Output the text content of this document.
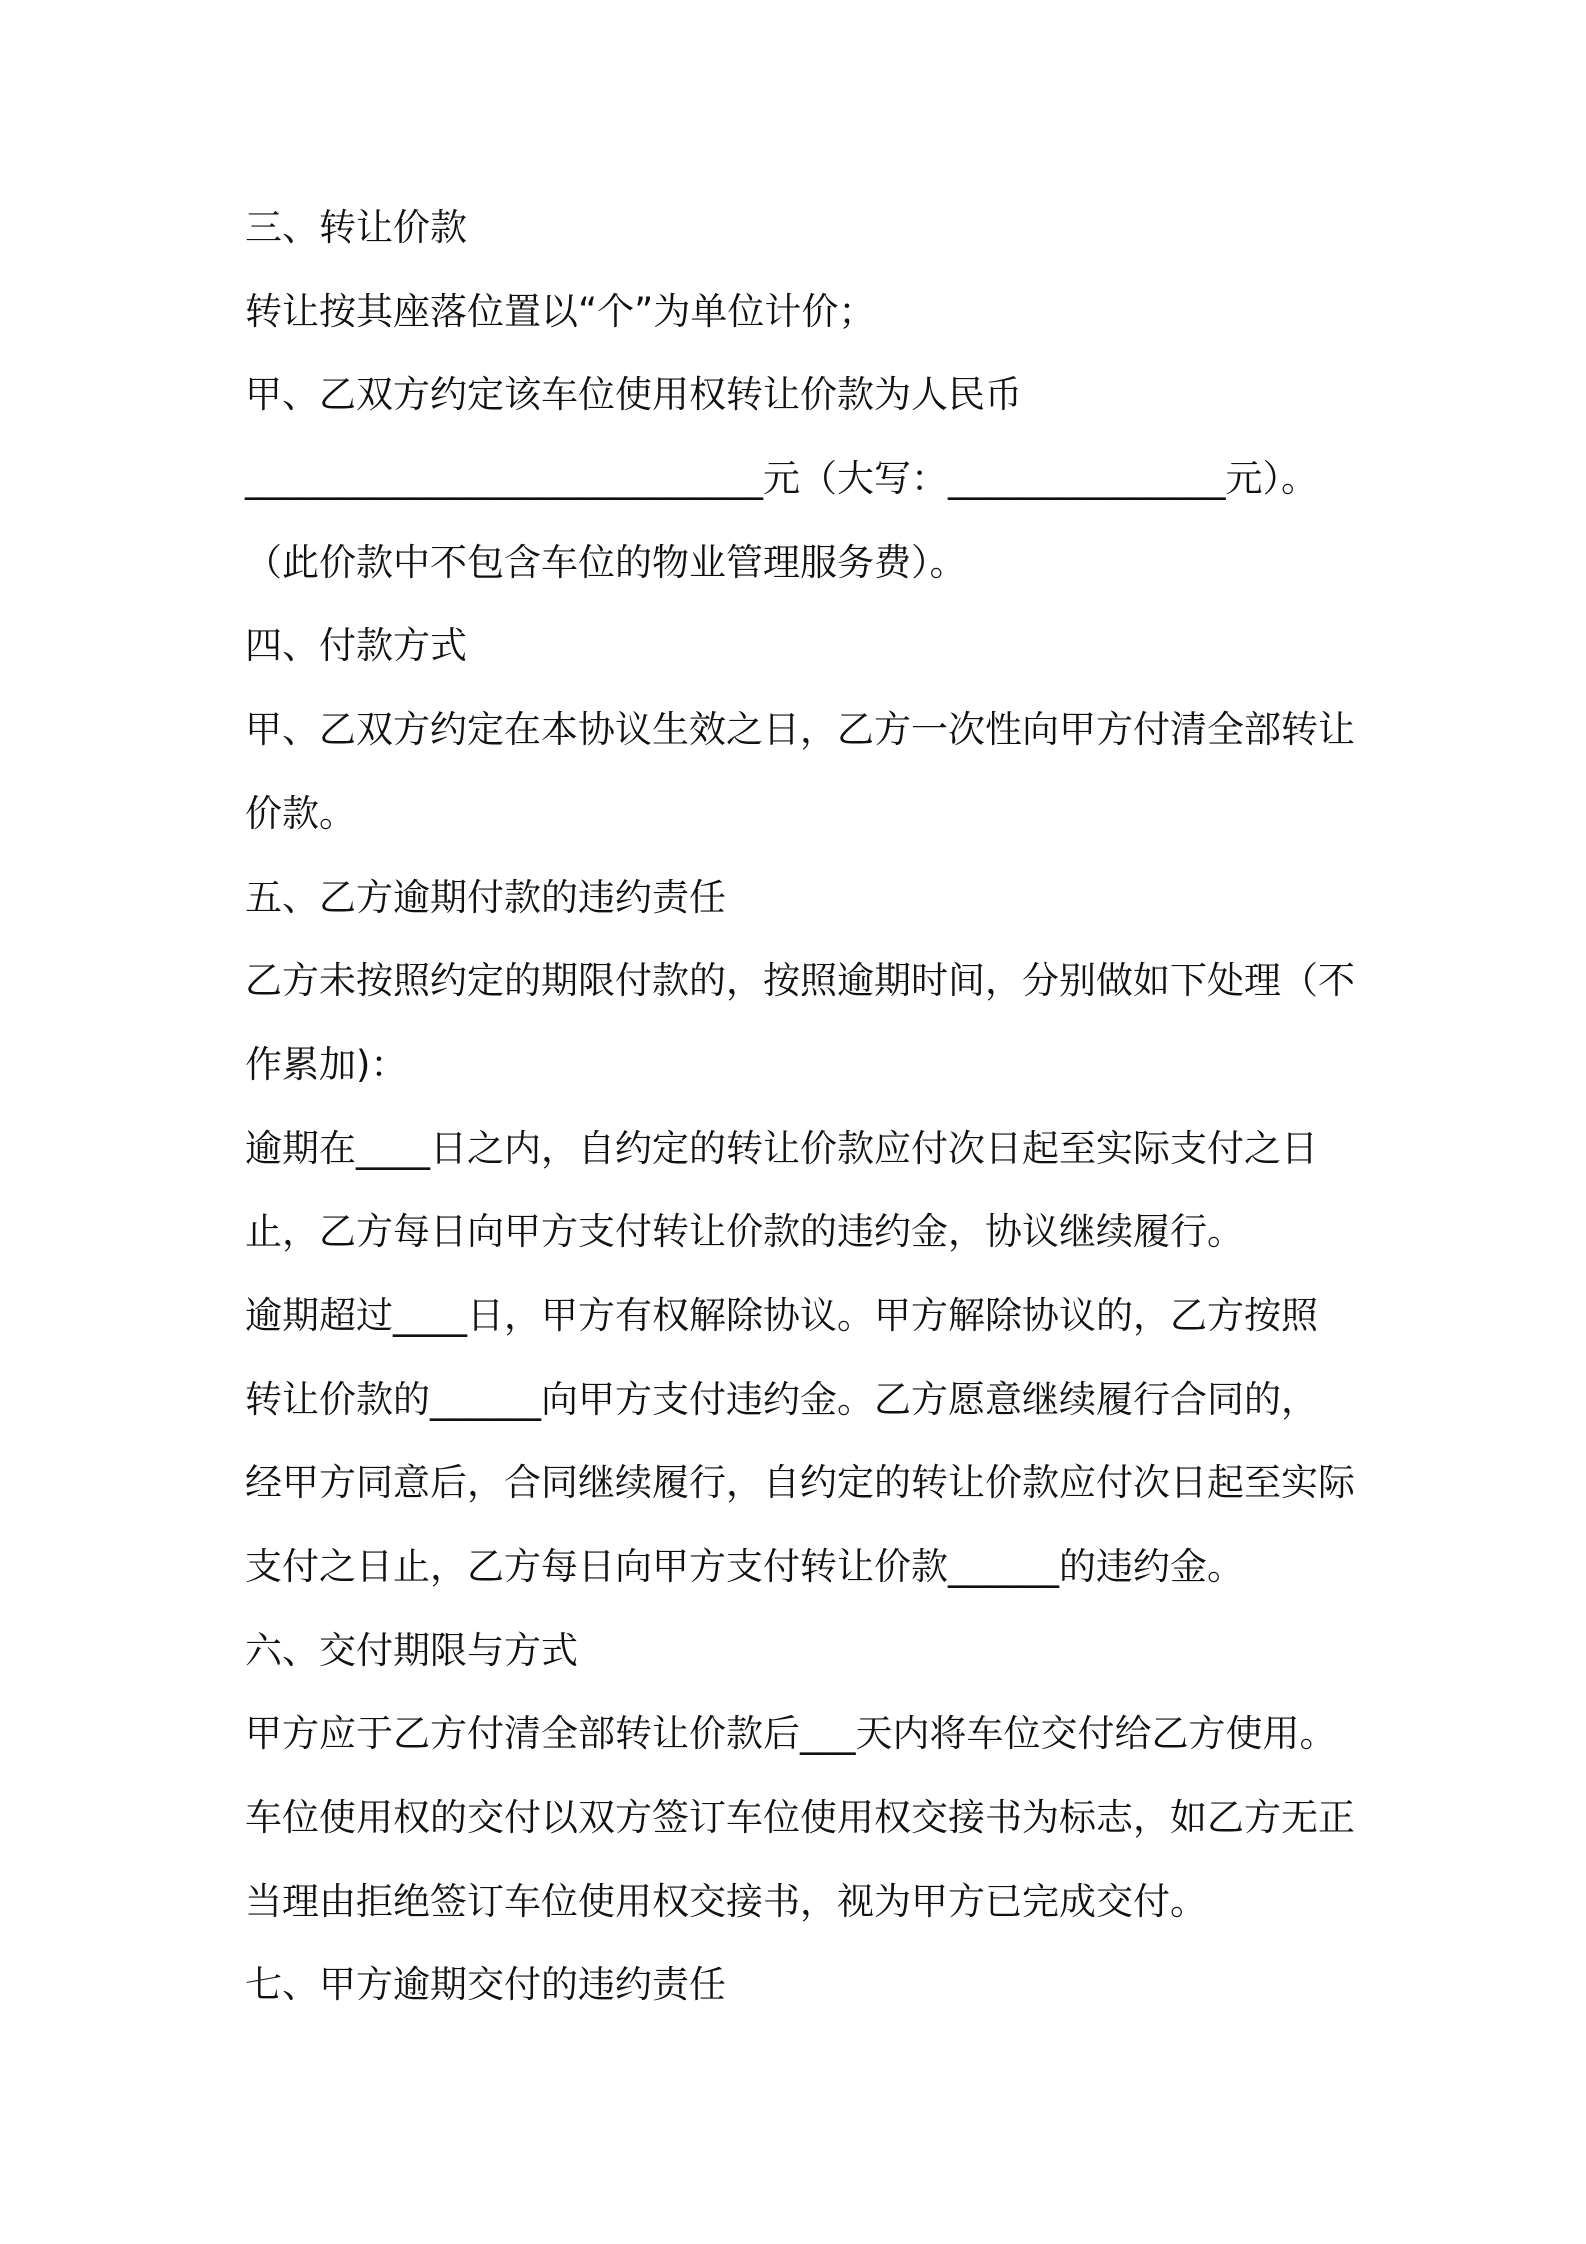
三、转让价款
转让按其座落位置以“个”为单位计价；
甲、乙双方约定该车位使用权转让价款为人民币
____________________________元（大写：_______________元）。
（此价款中不包含车位的物业管理服务费）。
四、付款方式
甲、乙双方约定在本协议生效之日，乙方一次性向甲方付清全部转让
价款。
五、乙方逾期付款的违约责任
乙方未按照约定的期限付款的，按照逾期时间，分别做如下处理（不
作累加)：
逾期在____日之内，自约定的转让价款应付次日起至实际支付之日
止，乙方每日向甲方支付转让价款的违约金，协议继续履行。
逾期超过____日，甲方有权解除协议。甲方解除协议的，乙方按照
转让价款的______向甲方支付违约金。乙方愿意继续履行合同的，
经甲方同意后，合同继续履行，自约定的转让价款应付次日起至实际
支付之日止，乙方每日向甲方支付转让价款______的违约金。
六、交付期限与方式
甲方应于乙方付清全部转让价款后___天内将车位交付给乙方使用。
车位使用权的交付以双方签订车位使用权交接书为标志，如乙方无正
当理由拒绝签订车位使用权交接书，视为甲方已完成交付。
七、甲方逾期交付的违约责任
